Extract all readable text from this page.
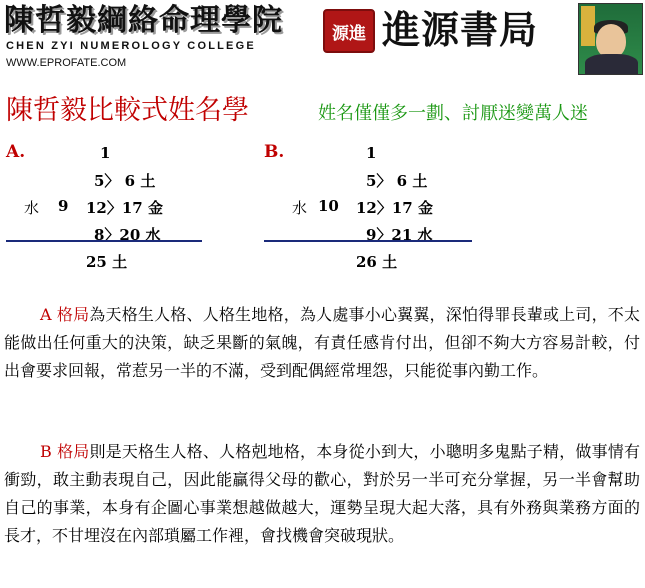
陳哲毅綱絡命理學院
CHEN ZYI NUMEROLOGY COLLEGE
WWW.EPROFATE.COM
源 進 進源書局
陳哲毅比較式姓名學	姓名僅僅多一劃、討厭迷變萬人迷
A.	1
5〉 6 土
水 9 12〉17 金
8〉20 水
25 土
B.	1
5〉 6 土
水 10 12〉17 金
9〉21 水
26 土
A 格局為天格生人格、人格生地格，為人處事小心翼翼，深怕得罪長輩或上司，不太能做出任何重大的決策，缺乏果斷的氣魄，有責任感肯付出，但卻不夠大方容易計較，付出會要求回報，常惹另一半的不滿，受到配偶經常埋怨，只能從事內勤工作。
B 格局則是天格生人格、人格剋地格，本身從小到大，小聰明多鬼點子精，做事情有衝勁，敢主動表現自己，因此能贏得父母的歡心，對於另一半可充分掌握，另一半會幫助自己的事業，本身有企圖心事業想越做越大，運勢呈現大起大落，具有外務與業務方面的長才，不甘埋沒在內部瑣屬工作裡，會找機會突破現狀。
